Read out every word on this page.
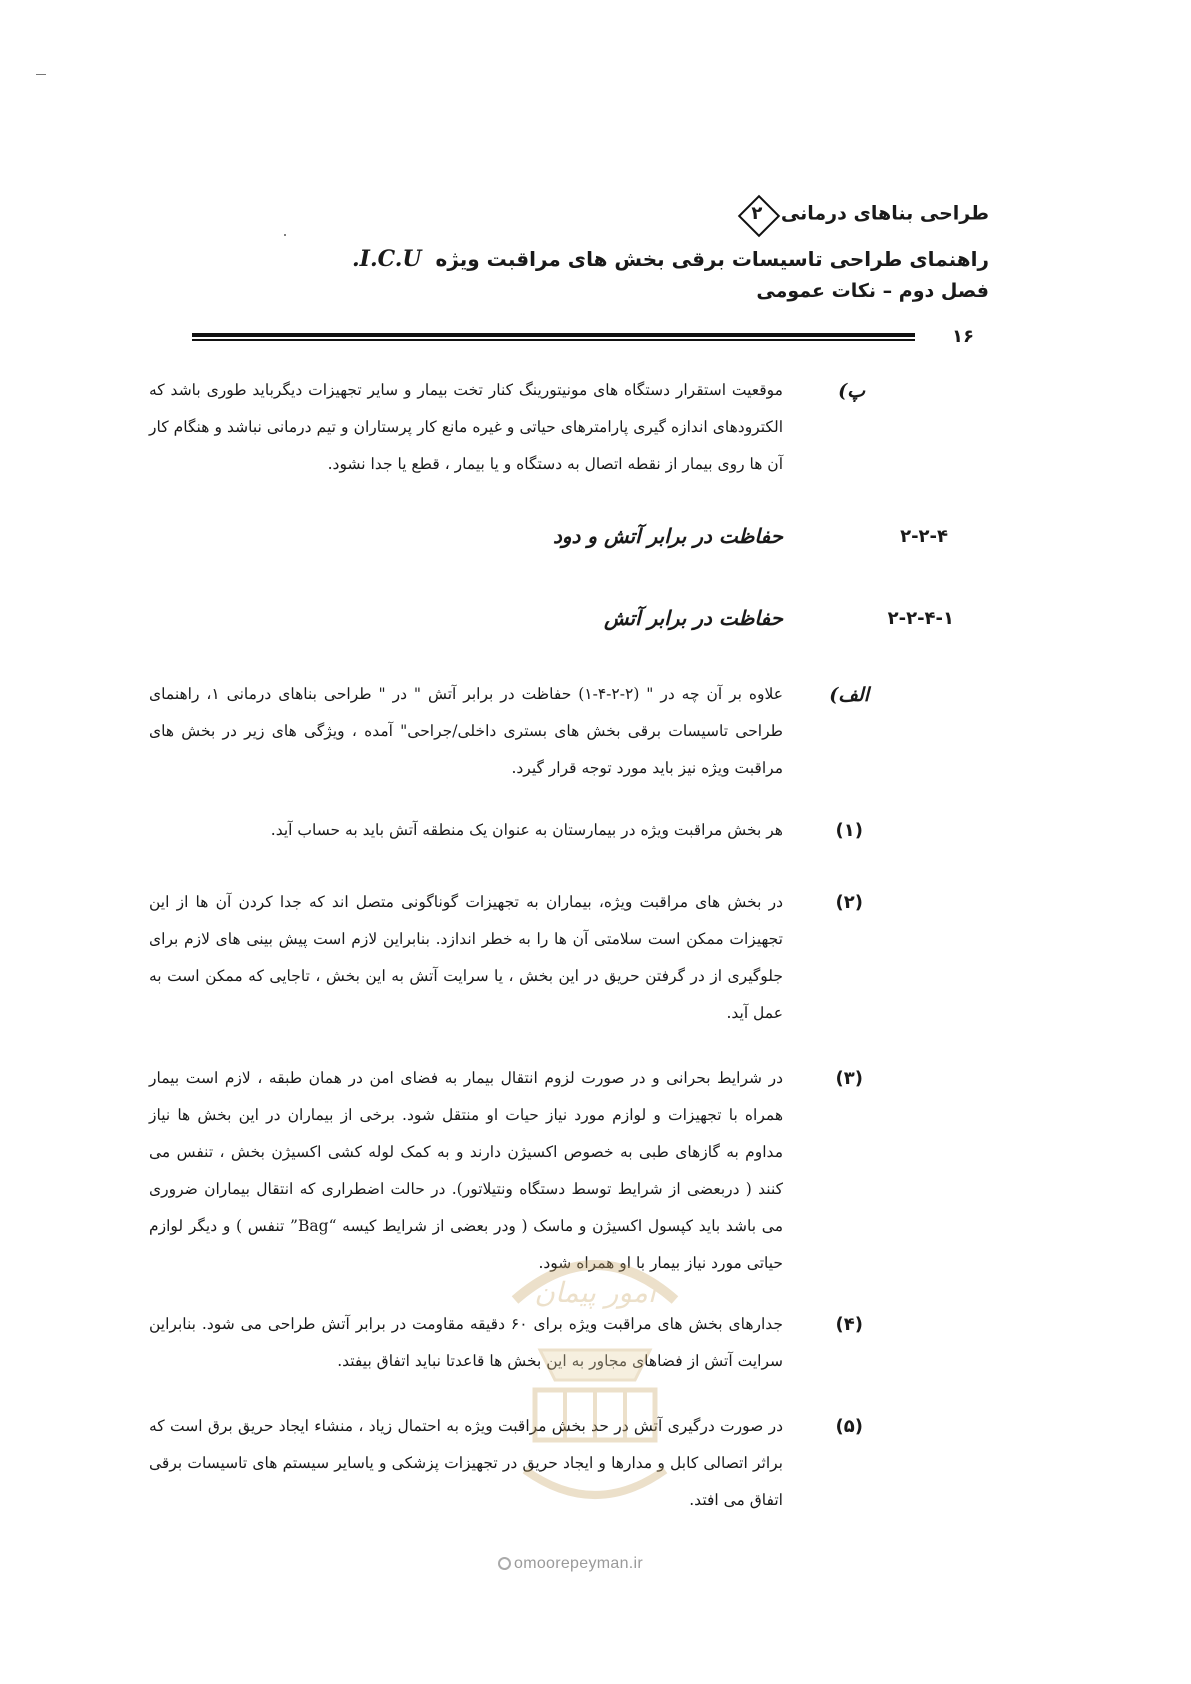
طراحی بناهای درمانی
۲
راهنمای طراحی تاسیسات برقی بخش های مراقبت ویژه  I.C.U.
فصل دوم – نکات عمومی
۱۶
پ)
موقعیت استقرار دستگاه های مونیتورینگ کنار تخت بیمار و سایر تجهیزات دیگرباید طوری باشد که الکترودهای اندازه گیری پارامترهای حیاتی و غیره مانع کار پرستاران و تیم درمانی نباشد و هنگام کار آن ها روی بیمار از نقطه اتصال به دستگاه و یا بیمار ، قطع یا جدا نشود.
۲-۲-۴
حفاظت در برابر آتش و دود
۲-۲-۴-۱
حفاظت در برابر آتش
الف)
علاوه بر آن چه در " (۲-۲-۴-۱) حفاظت در برابر آتش " در " طراحی بناهای درمانی ۱، راهنمای طراحی تاسیسات برقی بخش های بستری داخلی/جراحی" آمده ، ویژگی های زیر در بخش های مراقبت ویژه نیز باید مورد توجه قرار گیرد.
(۱)
هر بخش مراقبت ویژه در بیمارستان به عنوان یک منطقه آتش باید به حساب آید.
(۲)
در بخش های مراقبت ویژه، بیماران به تجهیزات گوناگونی متصل اند که جدا کردن آن ها از این تجهیزات ممکن است سلامتی آن ها را به خطر اندازد. بنابراین لازم است پیش بینی های لازم برای جلوگیری از در گرفتن حریق در این بخش ، یا سرایت آتش به این بخش ، تاجایی که ممکن است به عمل آید.
(۳)
در شرایط بحرانی و در صورت لزوم انتقال بیمار به فضای امن در همان طبقه ، لازم است بیمار همراه با تجهیزات و لوازم مورد نیاز حیات او منتقل شود. برخی از بیماران در این بخش ها نیاز مداوم به گازهای طبی به خصوص اکسیژن دارند و به کمک لوله کشی اکسیژن بخش ، تنفس می کنند ( دربعضی از شرایط توسط دستگاه ونتیلاتور). در حالت اضطراری که انتقال بیماران ضروری می باشد باید کپسول اکسیژن و ماسک ( ودر بعضی از شرایط کیسه “Bag” تنفس ) و دیگر لوازم حیاتی مورد نیاز بیمار با او همراه شود.
(۴)
جدارهای بخش های مراقبت ویژه برای ۶۰ دقیقه مقاومت در برابر آتش طراحی می شود. بنابراین سرایت آتش از فضاهای مجاور به این بخش ها قاعدتا نباید اتفاق بیفتد.
(۵)
در صورت درگیری آتش در حد بخش مراقبت ویژه به احتمال زیاد ، منشاء ایجاد حریق برق است که براثر اتصالی کابل و مدارها و ایجاد حریق در تجهیزات پزشکی و یاسایر سیستم های تاسیسات برقی اتفاق می افتد.
امور پیمان
omoorepeyman.ir
